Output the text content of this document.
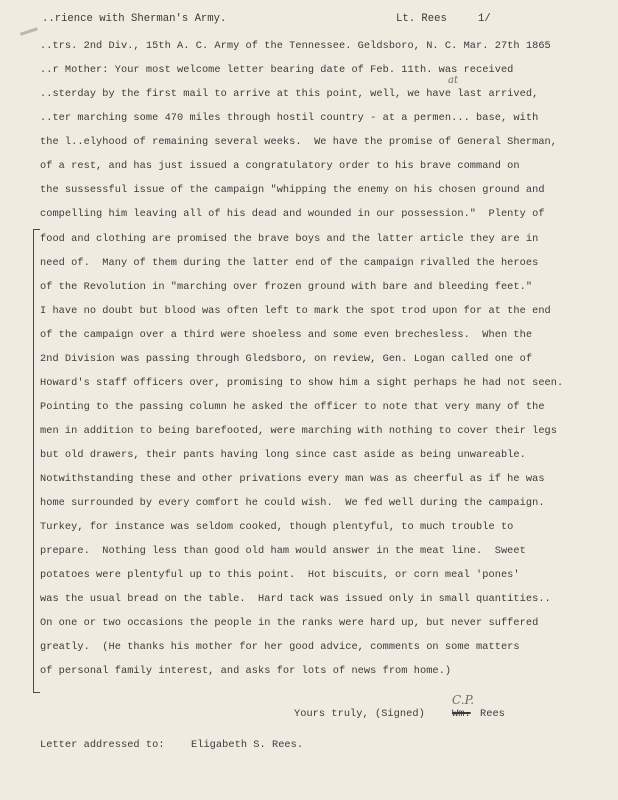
..rience with Sherman's Army.	Lt. Rees	1/
..trs. 2nd Div., 15th A. C. Army of the Tennessee. Geldsboro, N. C. Mar. 27th 1865
..r Mother: Your most welcome letter bearing date of Feb. 11th. was received
..sterday by the first mail to arrive at this point, well, we have last arrived,
at
..ter marching some 470 miles through hostil country - at a permen... base, with
the l..elyhood of remaining several weeks.  We have the promise of General Sherman,
of a rest, and has just issued a congratulatory order to his brave command on
the sussessful issue of the campaign "whipping the enemy on his chosen ground and
compelling him leaving all of his dead and wounded in our possession."  Plenty of
food and clothing are promised the brave boys and the latter article they are in
need of.  Many of them during the latter end of the campaign rivalled the heroes
of the Revolution in "marching over frozen ground with bare and bleeding feet."
I have no doubt but blood was often left to mark the spot trod upon for at the end
of the campaign over a third were shoeless and some even brechesless.  When the
2nd Division was passing through Gledsboro, on review, Gen. Logan called one of
Howard's staff officers over, promising to show him a sight perhaps he had not seen.
Pointing to the passing column he asked the officer to note that very many of the
men in addition to being barefooted, were marching with nothing to cover their legs
but old drawers, their pants having long since cast aside as being unwareable.
Notwithstanding these and other privations every man was as cheerful as if he was
home surrounded by every comfort he could wish.  We fed well during the campaign.
Turkey, for instance was seldom cooked, though plentyful, to much trouble to
prepare.  Nothing less than good old ham would answer in the meat line.  Sweet
potatoes were plentyful up to this point.  Hot biscuits, or corn meal 'pones'
was the usual bread on the table.  Hard tack was issued only in small quantities..
On one or two occasions the people in the ranks were hard up, but never suffered
greatly.  (He thanks his mother for her good advice, comments on some matters
of personal family interest, and asks for lots of news from home.)
Yours truly, (Signed)	Wm. Rees
C.P.
Letter addressed to:	Eligabeth S. Rees.
